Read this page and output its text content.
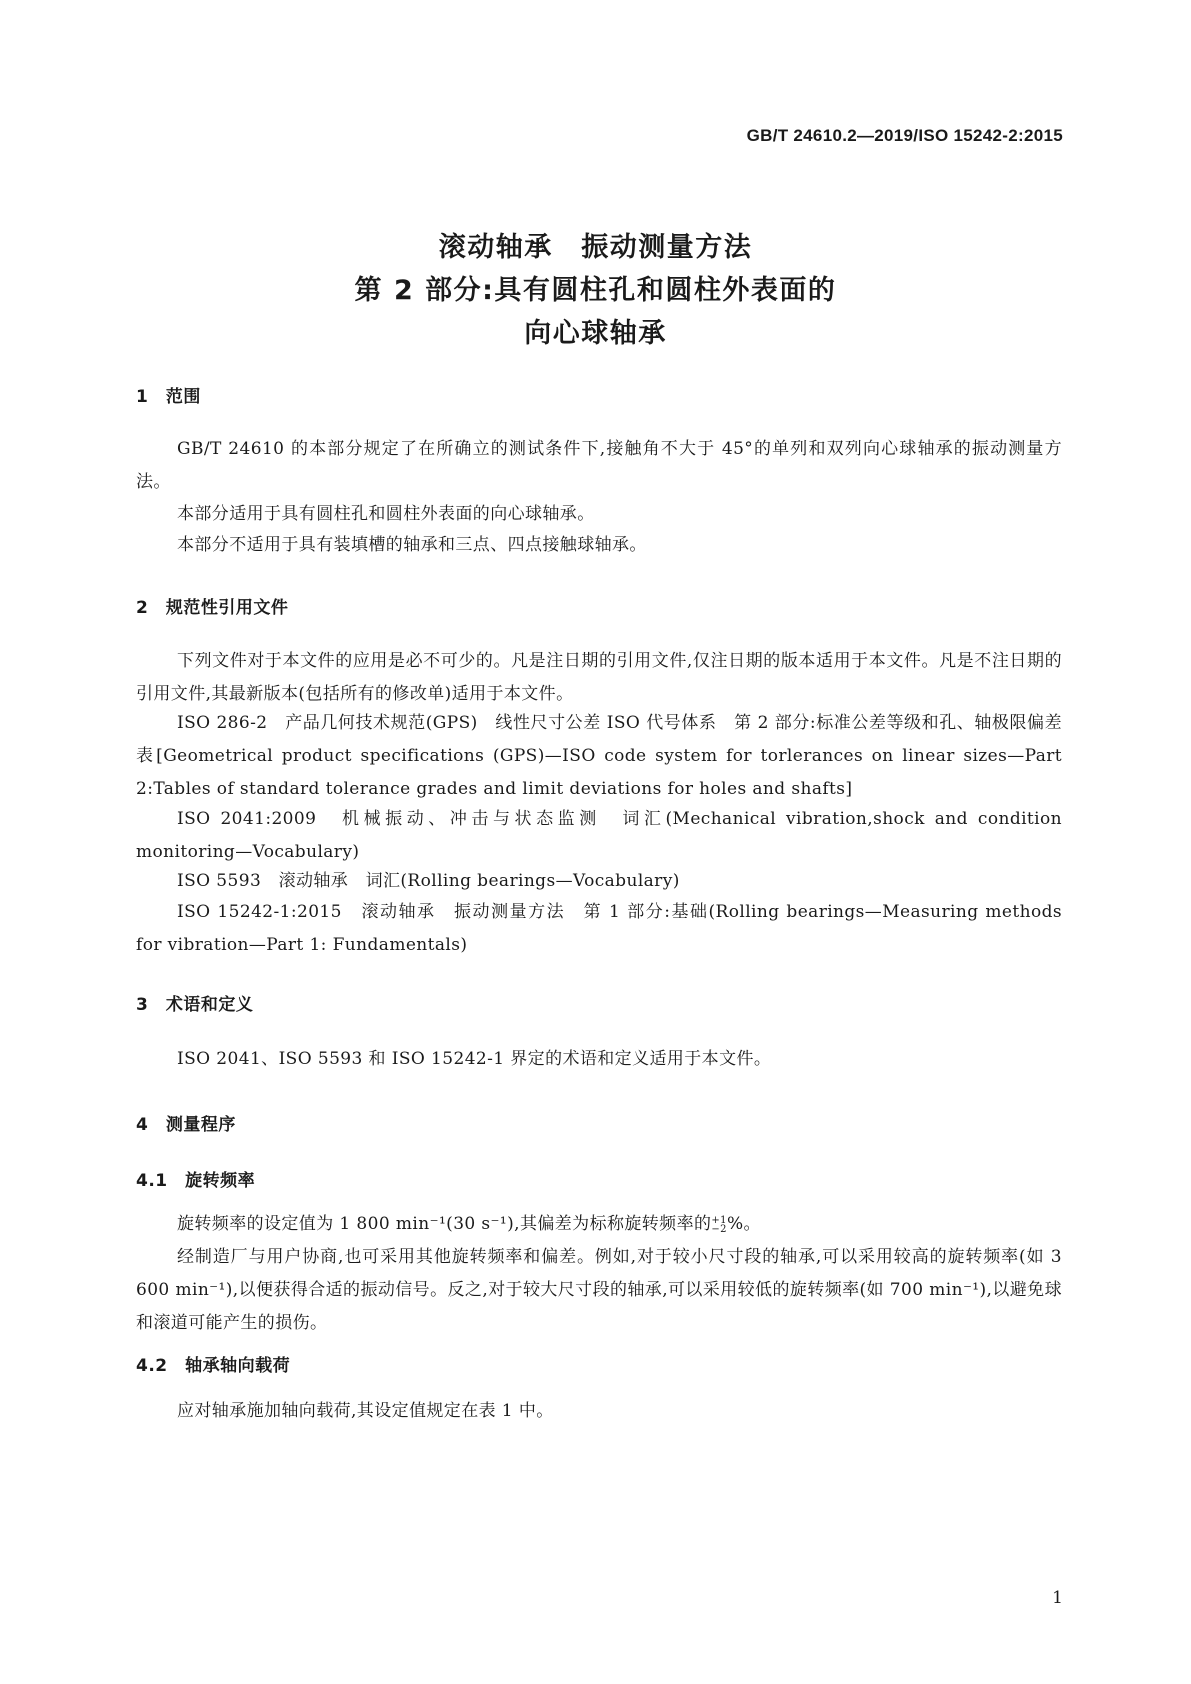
GB/T 24610.2—2019/ISO 15242-2:2015
滚动轴承　振动测量方法
第 2 部分:具有圆柱孔和圆柱外表面的
向心球轴承
1　范围
GB/T 24610 的本部分规定了在所确立的测试条件下,接触角不大于 45°的单列和双列向心球轴承的振动测量方法。
本部分适用于具有圆柱孔和圆柱外表面的向心球轴承。
本部分不适用于具有装填槽的轴承和三点、四点接触球轴承。
2　规范性引用文件
下列文件对于本文件的应用是必不可少的。凡是注日期的引用文件,仅注日期的版本适用于本文件。凡是不注日期的引用文件,其最新版本(包括所有的修改单)适用于本文件。
ISO 286-2　产品几何技术规范(GPS)　线性尺寸公差 ISO 代号体系　第 2 部分:标准公差等级和孔、轴极限偏差表[Geometrical product specifications (GPS)—ISO code system for torlerances on linear sizes—Part 2:Tables of standard tolerance grades and limit deviations for holes and shafts]
ISO 2041:2009　机械振动、冲击与状态监测　词汇(Mechanical vibration,shock and condition monitoring—Vocabulary)
ISO 5593　滚动轴承　词汇(Rolling bearings—Vocabulary)
ISO 15242-1:2015　滚动轴承　振动测量方法　第 1 部分:基础(Rolling bearings—Measuring methods for vibration—Part 1: Fundamentals)
3　术语和定义
ISO 2041、ISO 5593 和 ISO 15242-1 界定的术语和定义适用于本文件。
4　测量程序
4.1　旋转频率
旋转频率的设定值为 1 800 min⁻¹(30 s⁻¹),其偏差为标称旋转频率的 +1
−2 %。
经制造厂与用户协商,也可采用其他旋转频率和偏差。例如,对于较小尺寸段的轴承,可以采用较高的旋转频率(如 3 600 min⁻¹),以便获得合适的振动信号。反之,对于较大尺寸段的轴承,可以采用较低的旋转频率(如 700 min⁻¹),以避免球和滚道可能产生的损伤。
4.2　轴承轴向载荷
应对轴承施加轴向载荷,其设定值规定在表 1 中。
1
